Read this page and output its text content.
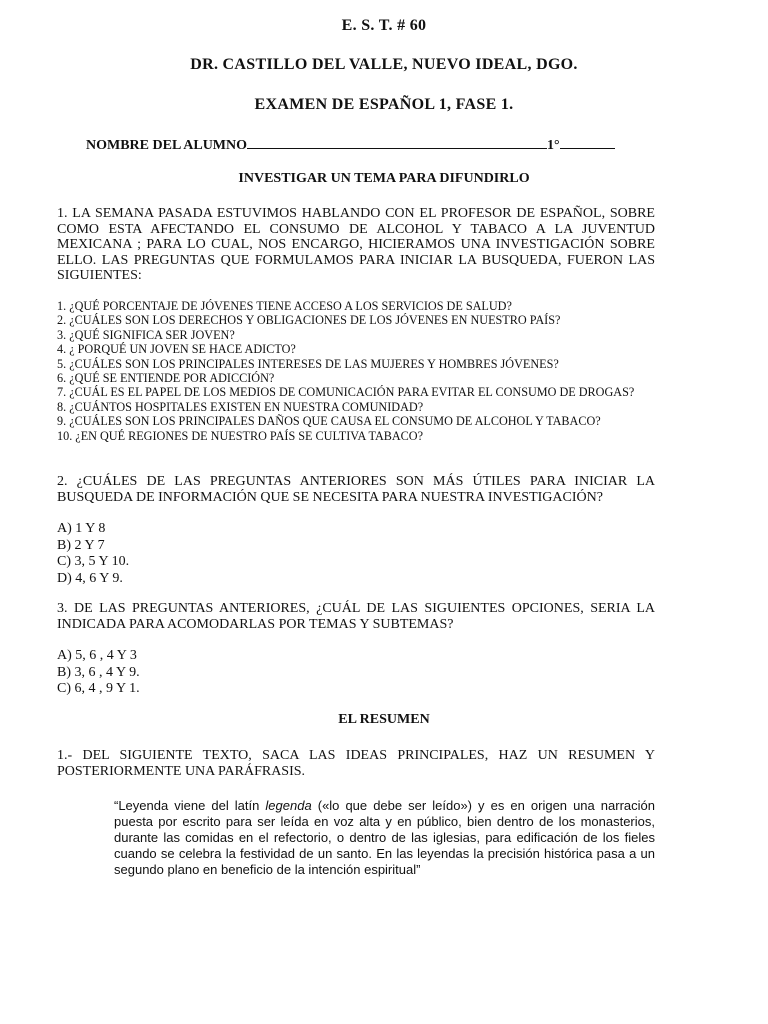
E. S. T. # 60
DR. CASTILLO DEL VALLE, NUEVO IDEAL, DGO.
EXAMEN DE ESPAÑOL 1, FASE 1.
NOMBRE DEL ALUMNO	1°
INVESTIGAR UN TEMA PARA DIFUNDIRLO
1. LA SEMANA PASADA ESTUVIMOS HABLANDO CON EL PROFESOR DE ESPAÑOL, SOBRE COMO ESTA AFECTANDO EL CONSUMO DE ALCOHOL Y TABACO A LA JUVENTUD MEXICANA ; PARA LO CUAL, NOS ENCARGO, HICIERAMOS UNA INVESTIGACIÓN SOBRE ELLO. LAS PREGUNTAS QUE FORMULAMOS PARA INICIAR LA BUSQUEDA, FUERON LAS SIGUIENTES:
1. ¿QUÉ PORCENTAJE DE JÓVENES TIENE ACCESO A LOS SERVICIOS DE SALUD?
2. ¿CUÁLES SON LOS DERECHOS Y OBLIGACIONES DE LOS JÓVENES EN NUESTRO PAÍS?
3. ¿QUÉ SIGNIFICA SER JOVEN?
4. ¿ PORQUÉ UN JOVEN SE HACE ADICTO?
5. ¿CUÁLES SON LOS PRINCIPALES INTERESES DE LAS MUJERES Y HOMBRES JÓVENES?
6. ¿QUÉ SE ENTIENDE POR ADICCIÓN?
7. ¿CUÁL ES EL PAPEL DE LOS MEDIOS DE COMUNICACIÓN PARA EVITAR EL CONSUMO DE DROGAS?
8. ¿CUÁNTOS HOSPITALES EXISTEN EN NUESTRA COMUNIDAD?
9. ¿CUÁLES SON LOS PRINCIPALES DAÑOS QUE CAUSA EL CONSUMO DE ALCOHOL Y TABACO?
10. ¿EN QUÉ REGIONES DE NUESTRO PAÍS SE CULTIVA TABACO?
2. ¿CUÁLES DE LAS PREGUNTAS ANTERIORES SON MÁS ÚTILES PARA INICIAR LA BUSQUEDA DE INFORMACIÓN QUE SE NECESITA PARA NUESTRA INVESTIGACIÓN?
A) 1 Y 8
B) 2 Y 7
C) 3, 5 Y 10.
D) 4, 6 Y 9.
3. DE LAS PREGUNTAS ANTERIORES, ¿CUÁL DE LAS SIGUIENTES OPCIONES, SERIA LA INDICADA PARA ACOMODARLAS POR TEMAS Y SUBTEMAS?
A) 5, 6 , 4 Y 3
B) 3, 6 , 4 Y 9.
C) 6, 4 , 9 Y 1.
EL RESUMEN
1.- DEL SIGUIENTE TEXTO, SACA LAS IDEAS PRINCIPALES, HAZ UN RESUMEN Y POSTERIORMENTE UNA PARÁFRASIS.
“Leyenda viene del latín legenda («lo que debe ser leído») y es en origen una narración puesta por escrito para ser leída en voz alta y en público, bien dentro de los monasterios, durante las comidas en el refectorio, o dentro de las iglesias, para edificación de los fieles cuando se celebra la festividad de un santo. En las leyendas la precisión histórica pasa a un segundo plano en beneficio de la intención espiritual”
